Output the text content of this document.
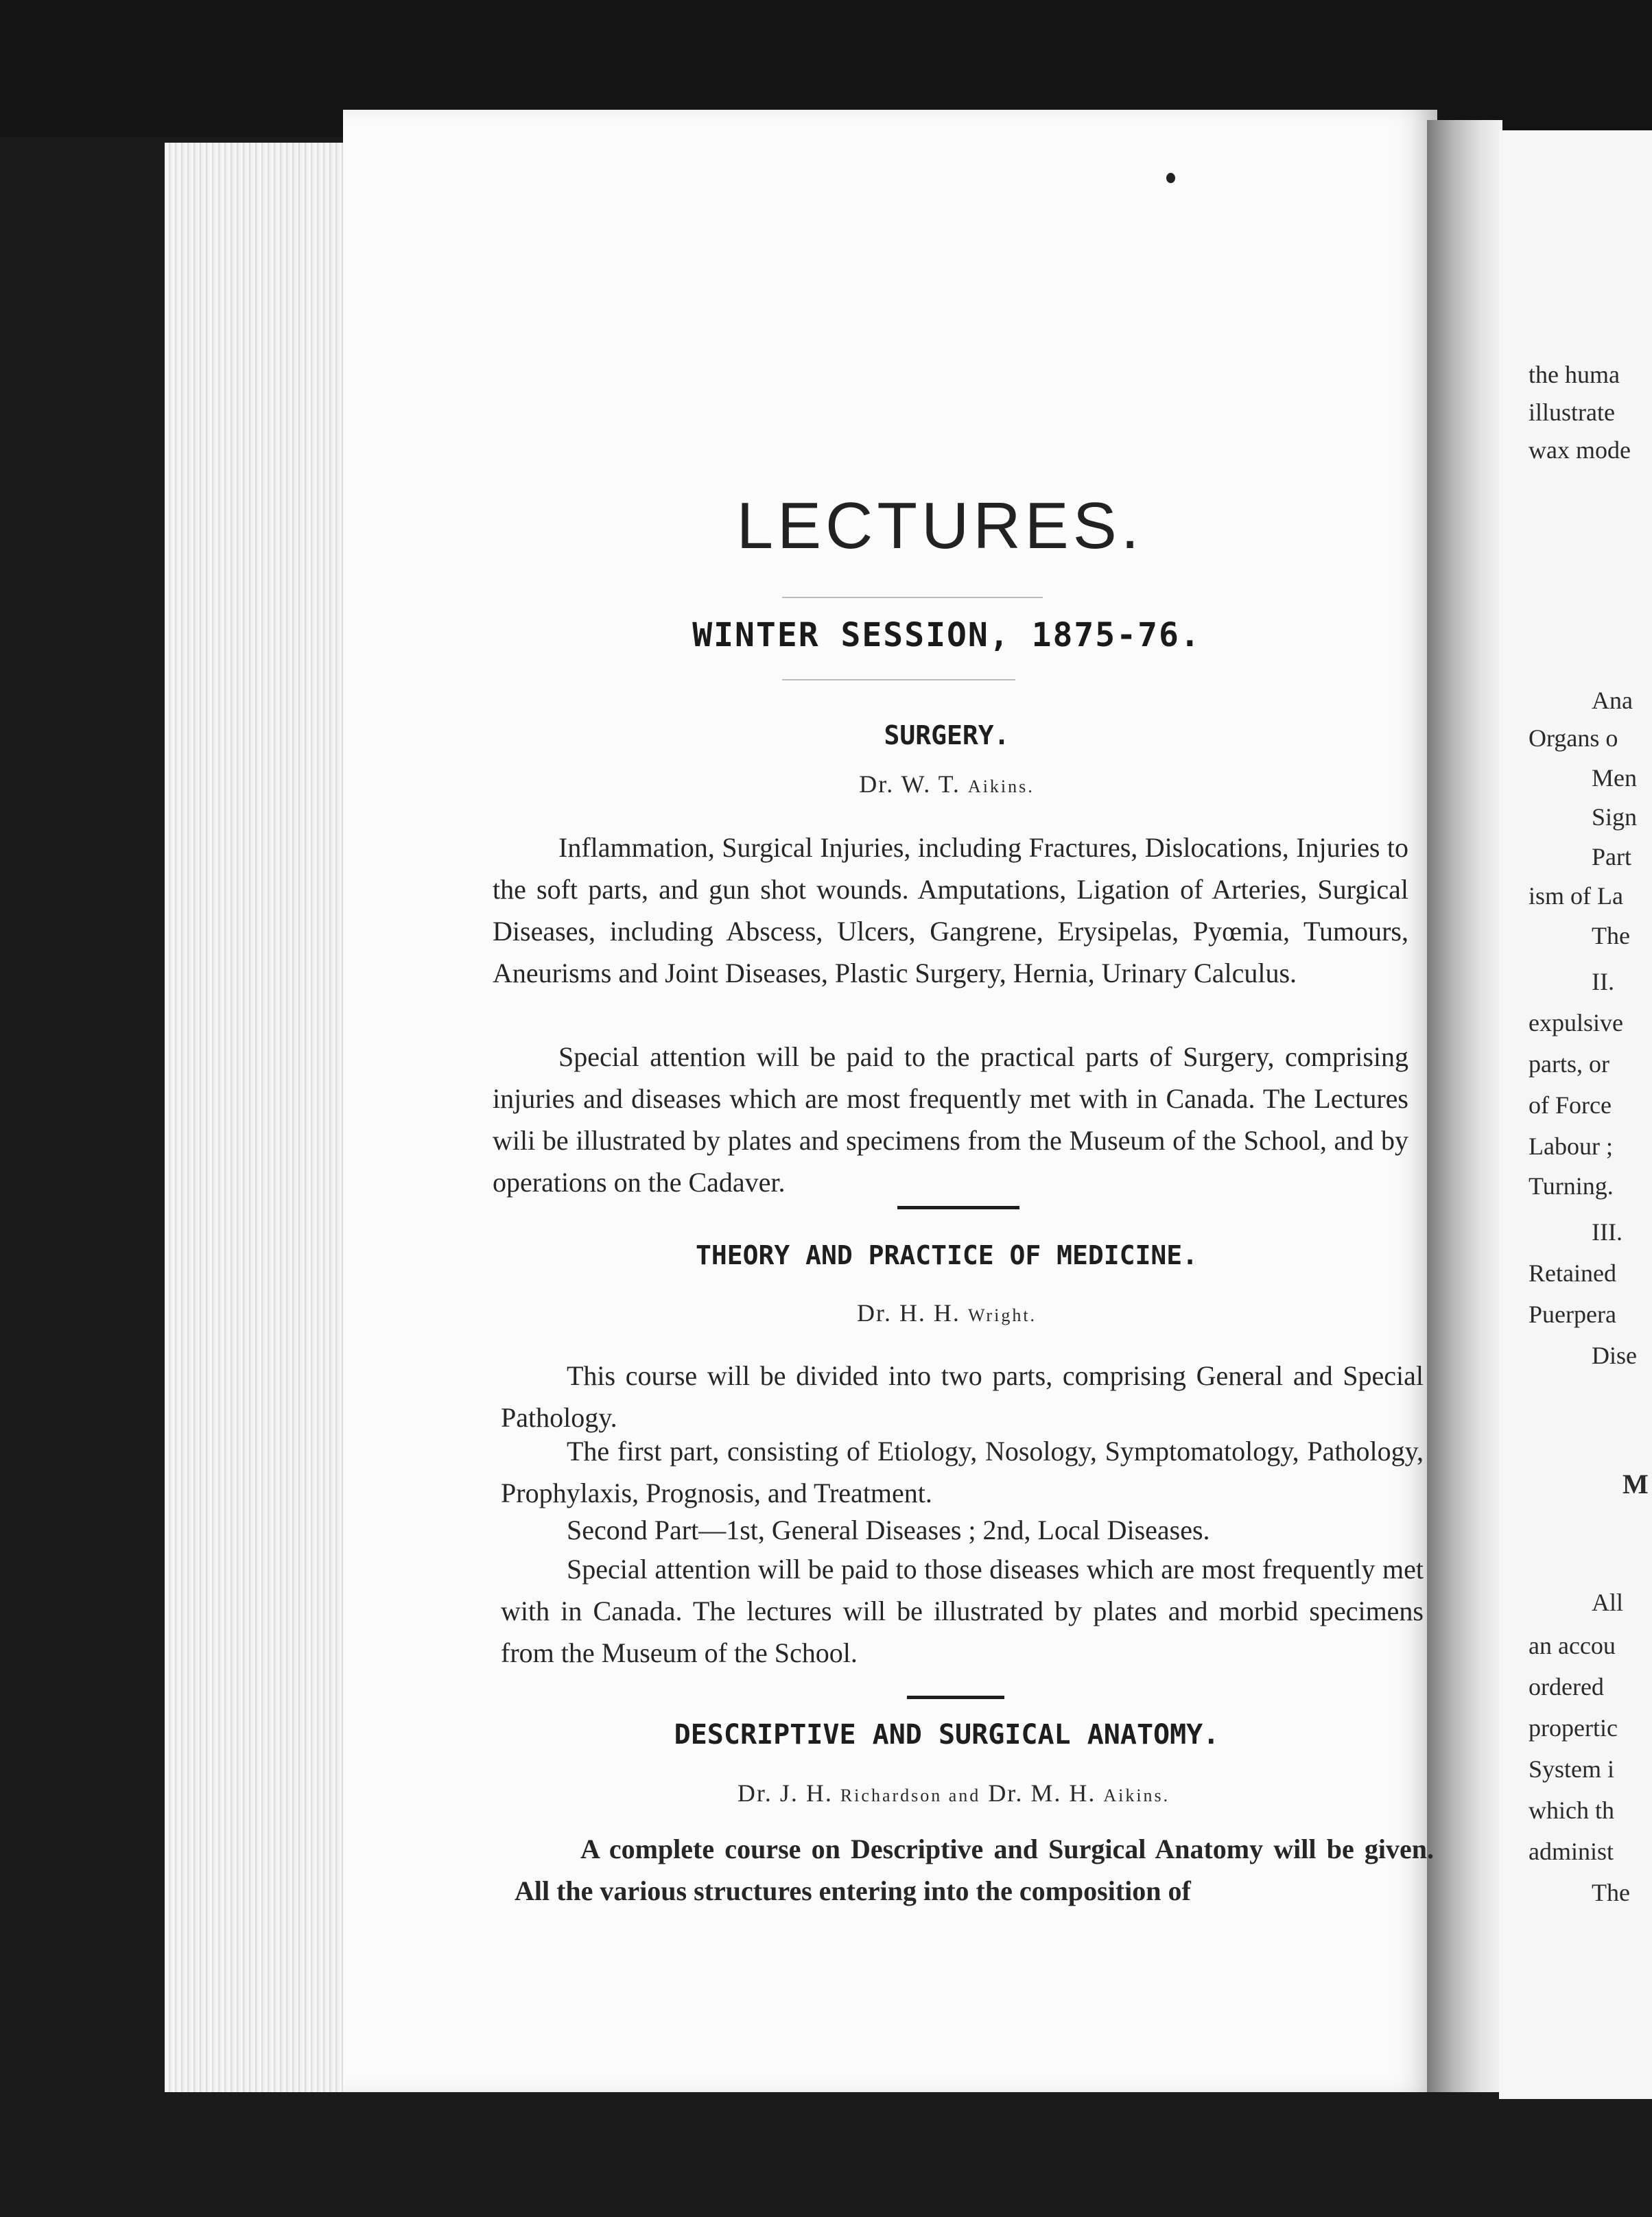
LECTURES.
WINTER SESSION, 1875-76.
SURGERY.
Dr. W. T. Aikins.
Inflammation, Surgical Injuries, including Fractures, Dislocations, Injuries to the soft parts, and gun shot wounds. Amputations, Ligation of Arteries, Surgical Diseases, including Abscess, Ulcers, Gangrene, Erysipelas, Pyœmia, Tumours, Aneurisms and Joint Diseases, Plastic Surgery, Hernia, Urinary Calculus.
Special attention will be paid to the practical parts of Surgery, comprising injuries and diseases which are most frequently met with in Canada. The Lectures wili be illustrated by plates and specimens from the Museum of the School, and by operations on the Cadaver.
THEORY AND PRACTICE OF MEDICINE.
Dr. H. H. Wright.
This course will be divided into two parts, comprising General and Special Pathology.
The first part, consisting of Etiology, Nosology, Symptomatology, Pathology, Prophylaxis, Prognosis, and Treatment.
Second Part—1st, General Diseases ; 2nd, Local Diseases.
Special attention will be paid to those diseases which are most frequently met with in Canada. The lectures will be illustrated by plates and morbid specimens from the Museum of the School.
DESCRIPTIVE AND SURGICAL ANATOMY.
Dr. J. H. Richardson and Dr. M. H. Aikins.
A complete course on Descriptive and Surgical Anatomy will be given. All the various structures entering into the composition of
the huma
illustrate
wax mode
Ana
Organs o
Men
Sign
Part
ism of La
The
II.
expulsive
parts, or
of Force
Labour ;
Turning.
III.
Retained
Puerpera
Dise
M
All
an accou
ordered
propertic
System i
which th
administ
The
